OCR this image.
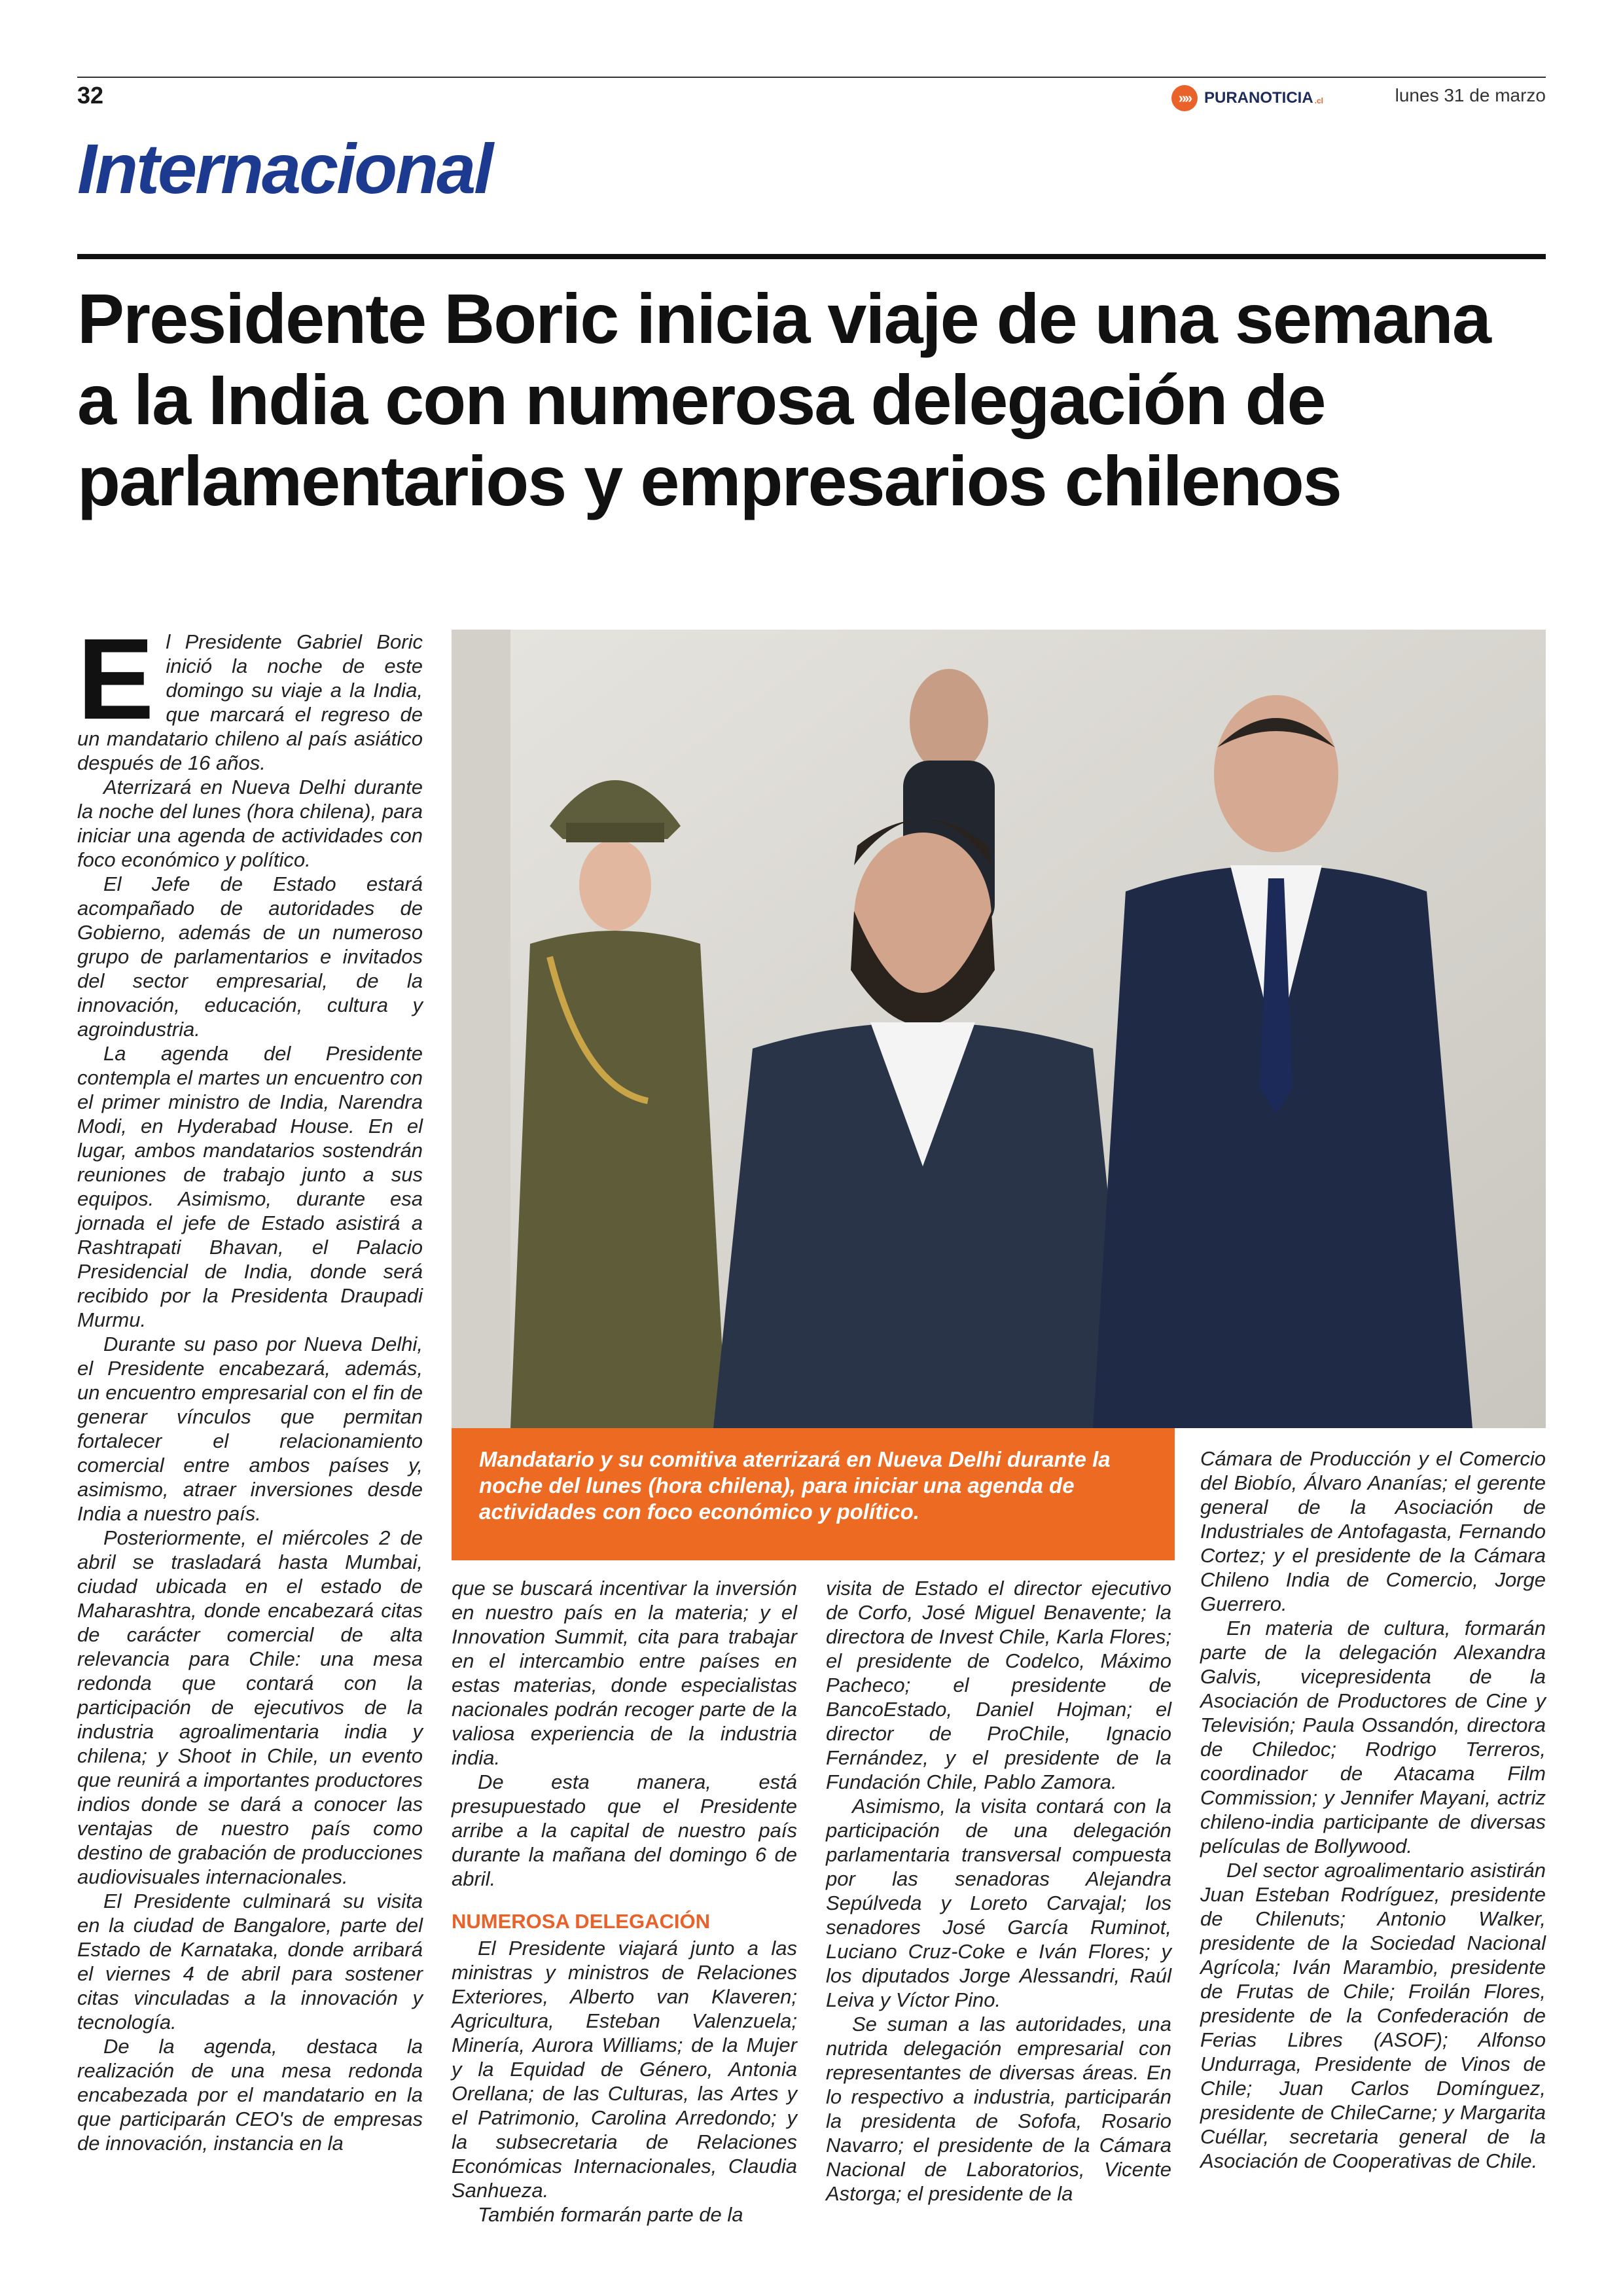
32	»» PURANOTICIA .cl	lunes 31 de marzo
Internacional
Presidente Boric inicia viaje de una semana a la India con numerosa delegación de parlamentarios y empresarios chilenos
Mandatario y su comitiva aterrizará en Nueva Delhi durante la noche del lunes (hora chilena), para iniciar una agenda de actividades con foco económico y político.
E l Presidente Gabriel Boric inició la noche de este domingo su viaje a la India, que marcará el regreso de un mandatario chileno al país asiático después de 16 años.

Aterrizará en Nueva Delhi durante la noche del lunes (hora chilena), para iniciar una agenda de actividades con foco económico y político.

El Jefe de Estado estará acompañado de autoridades de Gobierno, además de un numeroso grupo de parlamentarios e invitados del sector empresarial, de la innovación, educación, cultura y agroindustria.

La agenda del Presidente contempla el martes un encuentro con el primer ministro de India, Narendra Modi, en Hyderabad House. En el lugar, ambos mandatarios sostendrán reuniones de trabajo junto a sus equipos. Asimismo, durante esa jornada el jefe de Estado asistirá a Rashtrapati Bhavan, el Palacio Presidencial de India, donde será recibido por la Presidenta Draupadi Murmu.

Durante su paso por Nueva Delhi, el Presidente encabezará, además, un encuentro empresarial con el fin de generar vínculos que permitan fortalecer el relacionamiento comercial entre ambos países y, asimismo, atraer inversiones desde India a nuestro país.

Posteriormente, el miércoles 2 de abril se trasladará hasta Mumbai, ciudad ubicada en el estado de Maharashtra, donde encabezará citas de carácter comercial de alta relevancia para Chile: una mesa redonda que contará con la participación de ejecutivos de la industria agroalimentaria india y chilena; y Shoot in Chile, un evento que reunirá a importantes productores indios donde se dará a conocer las ventajas de nuestro país como destino de grabación de producciones audiovisuales internacionales.

El Presidente culminará su visita en la ciudad de Bangalore, parte del Estado de Karnataka, donde arribará el viernes 4 de abril para sostener citas vinculadas a la innovación y tecnología.

De la agenda, destaca la realización de una mesa redonda encabezada por el mandatario en la que participarán CEO's de empresas de innovación, instancia en la

que se buscará incentivar la inversión en nuestro país en la materia; y el Innovation Summit, cita para trabajar en el intercambio entre países en estas materias, donde especialistas nacionales podrán recoger parte de la valiosa experiencia de la industria india.

De esta manera, está presupuestado que el Presidente arribe a la capital de nuestro país durante la mañana del domingo 6 de abril.

NUMEROSA DELEGACIÓN

El Presidente viajará junto a las ministras y ministros de Relaciones Exteriores, Alberto van Klaveren; Agricultura, Esteban Valenzuela; Minería, Aurora Williams; de la Mujer y la Equidad de Género, Antonia Orellana; de las Culturas, las Artes y el Patrimonio, Carolina Arredondo; y la subsecretaria de Relaciones Económicas Internacionales, Claudia Sanhueza.

También formarán parte de la

visita de Estado el director ejecutivo de Corfo, José Miguel Benavente; la directora de Invest Chile, Karla Flores; el presidente de Codelco, Máximo Pacheco; el presidente de BancoEstado, Daniel Hojman; el director de ProChile, Ignacio Fernández, y el presidente de la Fundación Chile, Pablo Zamora.

Asimismo, la visita contará con la participación de una delegación parlamentaria transversal compuesta por las senadoras Alejandra Sepúlveda y Loreto Carvajal; los senadores José García Ruminot, Luciano Cruz-Coke e Iván Flores; y los diputados Jorge Alessandri, Raúl Leiva y Víctor Pino.

Se suman a las autoridades, una nutrida delegación empresarial con representantes de diversas áreas. En lo respectivo a industria, participarán la presidenta de Sofofa, Rosario Navarro; el presidente de la Cámara Nacional de Laboratorios, Vicente Astorga; el presidente de la

Cámara de Producción y el Comercio del Biobío, Álvaro Ananías; el gerente general de la Asociación de Industriales de Antofagasta, Fernando Cortez; y el presidente de la Cámara Chileno India de Comercio, Jorge Guerrero.

En materia de cultura, formarán parte de la delegación Alexandra Galvis, vicepresidenta de la Asociación de Productores de Cine y Televisión; Paula Ossandón, directora de Chiledoc; Rodrigo Terreros, coordinador de Atacama Film Commission; y Jennifer Mayani, actriz chileno-india participante de diversas películas de Bollywood.

Del sector agroalimentario asistirán Juan Esteban Rodríguez, presidente de Chilenuts; Antonio Walker, presidente de la Sociedad Nacional Agrícola; Iván Marambio, presidente de Frutas de Chile; Froilán Flores, presidente de la Confederación de Ferias Libres (ASOF); Alfonso Undurraga, Presidente de Vinos de Chile; Juan Carlos Domínguez, presidente de ChileCarne; y Margarita Cuéllar, secretaria general de la Asociación de Cooperativas de Chile.
